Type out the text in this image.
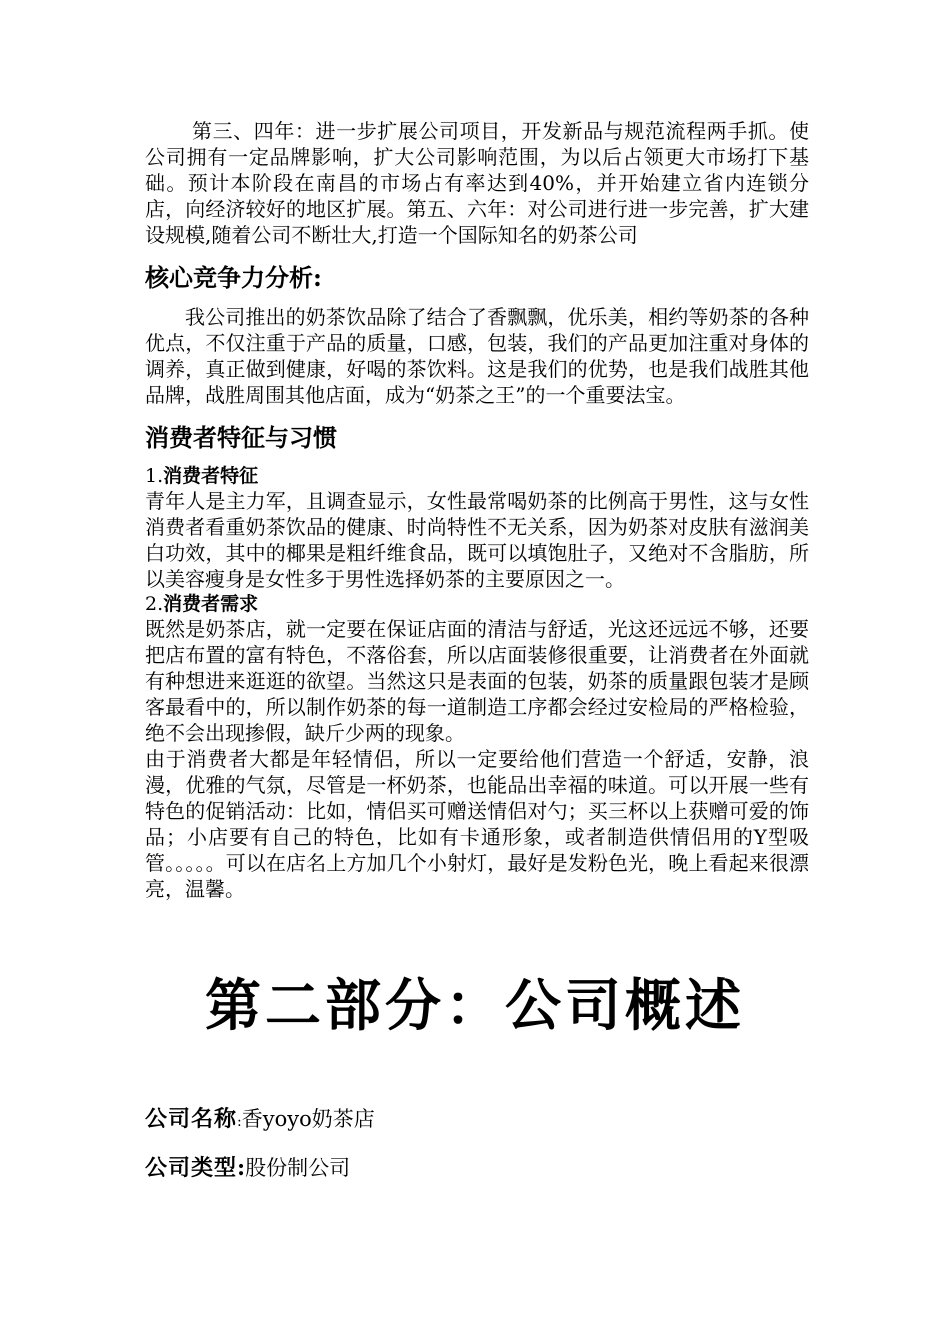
第三、四年：进一步扩展公司项目，开发新品与规范流程两手抓。使公司拥有一定品牌影响，扩大公司影响范围，为以后占领更大市场打下基础。预计本阶段在南昌的市场占有率达到40%，并开始建立省内连锁分店，向经济较好的地区扩展。第五、六年：对公司进行进一步完善，扩大建设规模,随着公司不断壮大,打造一个国际知名的奶茶公司

核心竞争力分析:

我公司推出的奶茶饮品除了结合了香飘飘，优乐美，相约等奶茶的各种优点，不仅注重于产品的质量，口感，包装，我们的产品更加注重对身体的调养，真正做到健康，好喝的茶饮料。这是我们的优势，也是我们战胜其他品牌，战胜周围其他店面，成为“奶茶之王”的一个重要法宝。

消费者特征与习惯
1.消费者特征

青年人是主力军，且调查显示，女性最常喝奶茶的比例高于男性，这与女性消费者看重奶茶饮品的健康、时尚特性不无关系，因为奶茶对皮肤有滋润美白功效，其中的椰果是粗纤维食品，既可以填饱肚子，又绝对不含脂肪，所以美容瘦身是女性多于男性选择奶茶的主要原因之一。

2.消费者需求

既然是奶茶店，就一定要在保证店面的清洁与舒适，光这还远远不够，还要把店布置的富有特色，不落俗套，所以店面装修很重要，让消费者在外面就有种想进来逛逛的欲望。当然这只是表面的包装，奶茶的质量跟包装才是顾客最看中的，所以制作奶茶的每一道制造工序都会经过安检局的严格检验，绝不会出现掺假，缺斤少两的现象。

由于消费者大都是年轻情侣，所以一定要给他们营造一个舒适，安静，浪漫，优雅的气氛，尽管是一杯奶茶，也能品出幸福的味道。可以开展一些有特色的促销活动：比如，情侣买可赠送情侣对勺；买三杯以上获赠可爱的饰品；小店要有自己的特色，比如有卡通形象，或者制造供情侣用的Y型吸管。。。。。可以在店名上方加几个小射灯，最好是发粉色光，晚上看起来很漂亮，温馨。

第二部分：公司概述
公司名称:香yoyo奶茶店
公司类型:股份制公司
